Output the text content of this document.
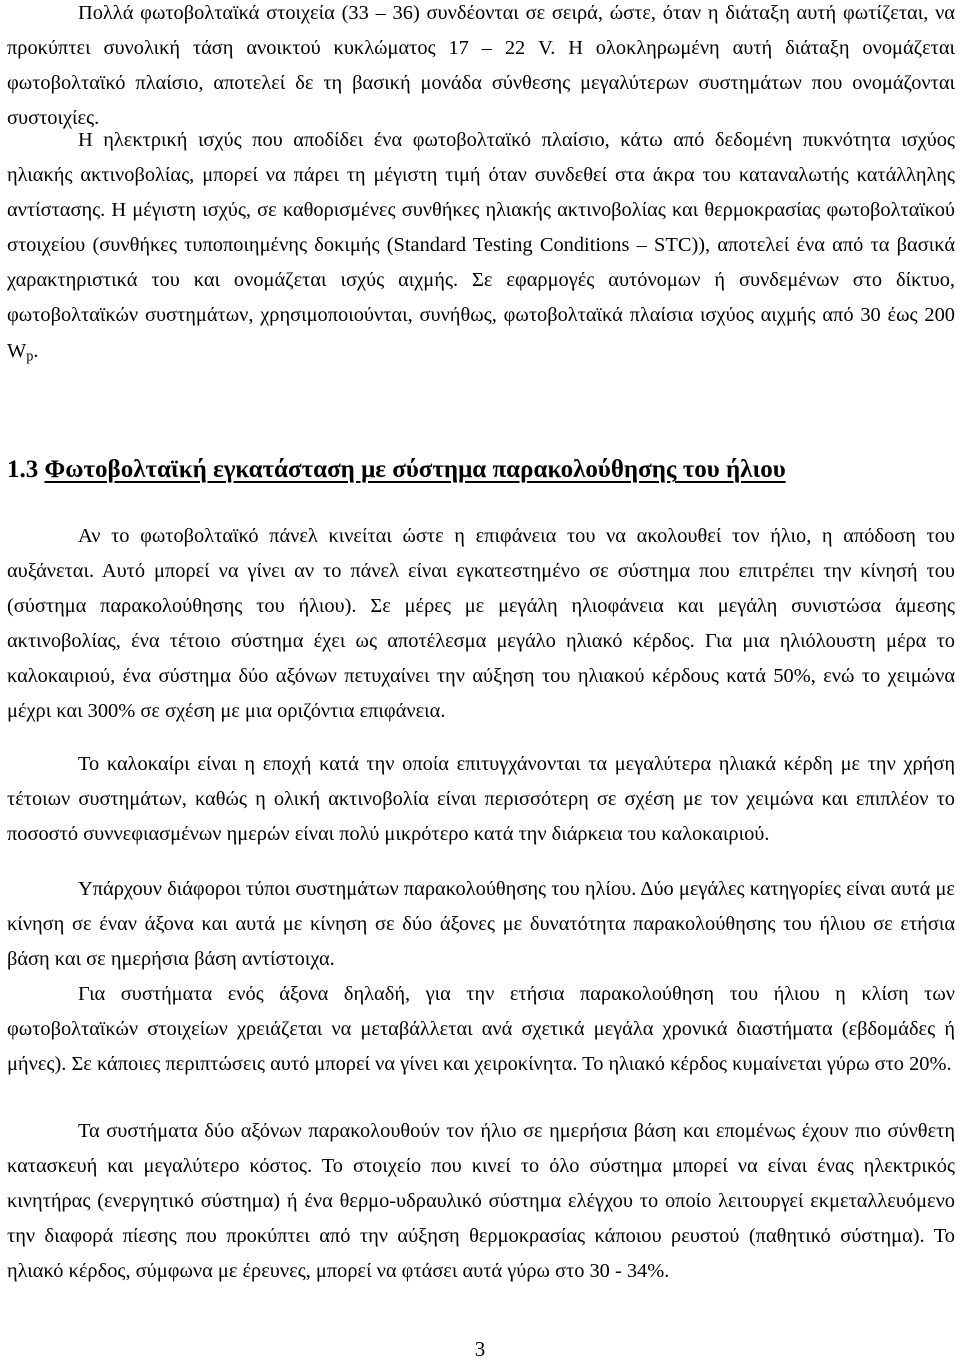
Πολλά φωτοβολταϊκά στοιχεία (33 – 36) συνδέονται σε σειρά, ώστε, όταν η διάταξη αυτή φωτίζεται, να προκύπτει συνολική τάση ανοικτού κυκλώματος 17 – 22 V. Η ολοκληρωμένη αυτή διάταξη ονομάζεται φωτοβολταϊκό πλαίσιο, αποτελεί δε τη βασική μονάδα σύνθεσης μεγαλύτερων συστημάτων που ονομάζονται συστοιχίες.

Η ηλεκτρική ισχύς που αποδίδει ένα φωτοβολταϊκό πλαίσιο, κάτω από δεδομένη πυκνότητα ισχύος ηλιακής ακτινοβολίας, μπορεί να πάρει τη μέγιστη τιμή όταν συνδεθεί στα άκρα του καταναλωτής κατάλληλης αντίστασης. Η μέγιστη ισχύς, σε καθορισμένες συνθήκες ηλιακής ακτινοβολίας και θερμοκρασίας φωτοβολταϊκού στοιχείου (συνθήκες τυποποιημένης δοκιμής (Standard Testing Conditions – STC)), αποτελεί ένα από τα βασικά χαρακτηριστικά του και ονομάζεται ισχύς αιχμής. Σε εφαρμογές αυτόνομων ή συνδεμένων στο δίκτυο, φωτοβολταϊκών συστημάτων, χρησιμοποιούνται, συνήθως, φωτοβολταϊκά πλαίσια ισχύος αιχμής από 30 έως 200 $W_p$.

1.3 Φωτοβολταϊκή εγκατάσταση με σύστημα παρακολούθησης του ήλιου

Αν το φωτοβολταϊκό πάνελ κινείται ώστε η επιφάνεια του να ακολουθεί τον ήλιο, η απόδοση του αυξάνεται. Αυτό μπορεί να γίνει αν το πάνελ είναι εγκατεστημένο σε σύστημα που επιτρέπει την κίνησή του (σύστημα παρακολούθησης του ήλιου). Σε μέρες με μεγάλη ηλιοφάνεια και μεγάλη συνιστώσα άμεσης ακτινοβολίας, ένα τέτοιο σύστημα έχει ως αποτέλεσμα μεγάλο ηλιακό κέρδος. Για μια ηλιόλουστη μέρα το καλοκαιριού, ένα σύστημα δύο αξόνων πετυχαίνει την αύξηση του ηλιακού κέρδους κατά 50%, ενώ το χειμώνα μέχρι και 300% σε σχέση με μια οριζόντια επιφάνεια.

Το καλοκαίρι είναι η εποχή κατά την οποία επιτυγχάνονται τα μεγαλύτερα ηλιακά κέρδη με την χρήση τέτοιων συστημάτων, καθώς η ολική ακτινοβολία είναι περισσότερη σε σχέση με τον χειμώνα και επιπλέον το ποσοστό συννεφιασμένων ημερών είναι πολύ μικρότερο κατά την διάρκεια του καλοκαιριού.

Υπάρχουν διάφοροι τύποι συστημάτων παρακολούθησης του ηλίου. Δύο μεγάλες κατηγορίες είναι αυτά με κίνηση σε έναν άξονα και αυτά με κίνηση σε δύο άξονες με δυνατότητα παρακολούθησης του ήλιου σε ετήσια βάση και σε ημερήσια βάση αντίστοιχα.

Για συστήματα ενός άξονα δηλαδή, για την ετήσια παρακολούθηση του ήλιου η κλίση των φωτοβολταϊκών στοιχείων χρειάζεται να μεταβάλλεται ανά σχετικά μεγάλα χρονικά διαστήματα (εβδομάδες ή μήνες). Σε κάποιες περιπτώσεις αυτό μπορεί να γίνει και χειροκίνητα. Το ηλιακό κέρδος κυμαίνεται γύρω στο 20%.

Τα συστήματα δύο αξόνων παρακολουθούν τον ήλιο σε ημερήσια βάση και επομένως έχουν πιο σύνθετη κατασκευή και μεγαλύτερο κόστος. Το στοιχείο που κινεί το όλο σύστημα μπορεί να είναι ένας ηλεκτρικός κινητήρας (ενεργητικό σύστημα) ή ένα θερμο-υδραυλικό σύστημα ελέγχου το οποίο λειτουργεί εκμεταλλευόμενο την διαφορά πίεσης που προκύπτει από την αύξηση θερμοκρασίας κάποιου ρευστού (παθητικό σύστημα). Το ηλιακό κέρδος, σύμφωνα με έρευνες, μπορεί να φτάσει αυτά γύρω στο 30 - 34%.

3
